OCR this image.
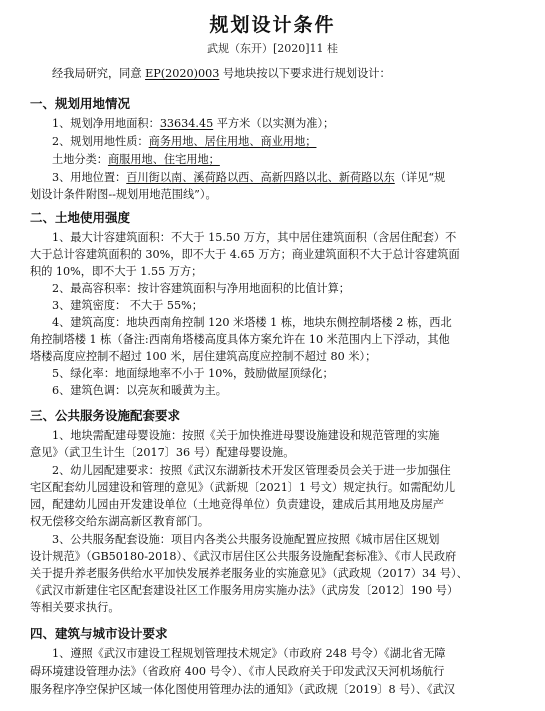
规划设计条件
武规（东开）[2020]11 桂
经我局研究，同意 EP(2020)003 号地块按以下要求进行规划设计：
一、规划用地情况
1、规划净用地面积：33634.45 平方米（以实测为准）；
2、规划用地性质：商务用地、居住用地、商业用地；
土地分类：商服用地、住宅用地；
3、用地位置：百川街以南、溪荷路以西、高新四路以北、新荷路以东（详见“规
划设计条件附图--规划用地范围线”）。
二、土地使用强度
1、最大计容建筑面积：不大于 15.50 万方，其中居住建筑面积（含居住配套）不
大于总计容建筑面积的 30%，即不大于 4.65 万方；商业建筑面积不大于总计容建筑面
积的 10%，即不大于 1.55 万方；
2、最高容积率：按计容建筑面积与净用地面积的比值计算；
3、建筑密度： 不大于 55%；
4、建筑高度：地块西南角控制 120 米塔楼 1 栋，地块东侧控制塔楼 2 栋，西北
角控制塔楼 1 栋（备注:西南角塔楼高度具体方案允许在 10 米范围内上下浮动，其他
塔楼高度应控制不超过 100 米，居住建筑高度应控制不超过 80 米）；
5、绿化率：地面绿地率不小于 10%，鼓励做屋顶绿化；
6、建筑色调：以亮灰和暖黄为主。
三、公共服务设施配套要求
1、地块需配建母婴设施：按照《关于加快推进母婴设施建设和规范管理的实施
意见》（武卫生计生〔2017〕36 号）配建母婴设施。
2、幼儿园配建要求：按照《武汉东湖新技术开发区管理委员会关于进一步加强住
宅区配套幼儿园建设和管理的意见》（武新规〔2021〕1 号文）规定执行。如需配幼儿
园，配建幼儿园由开发建设单位（土地竞得单位）负责建设，建成后其用地及房屋产
权无偿移交给东湖高新区教育部门。
3、公共服务配套设施：项目内各类公共服务设施配置应按照《城市居住区规划
设计规范》（GB50180-2018）、《武汉市居住区公共服务设施配套标准》、《市人民政府
关于提升养老服务供给水平加快发展养老服务业的实施意见》（武政规（2017）34 号）、
《武汉市新建住宅区配套建设社区工作服务用房实施办法》（武房发〔2012〕190 号）
等相关要求执行。
四、建筑与城市设计要求
1、遵照《武汉市建设工程规划管理技术规定》（市政府 248 号令）《湖北省无障
碍环境建设管理办法》（省政府 400 号令）、《市人民政府关于印发武汉天河机场航行
服务程序净空保护区域一体化图使用管理办法的通知》（武政规〔2019〕8 号）、《武汉
